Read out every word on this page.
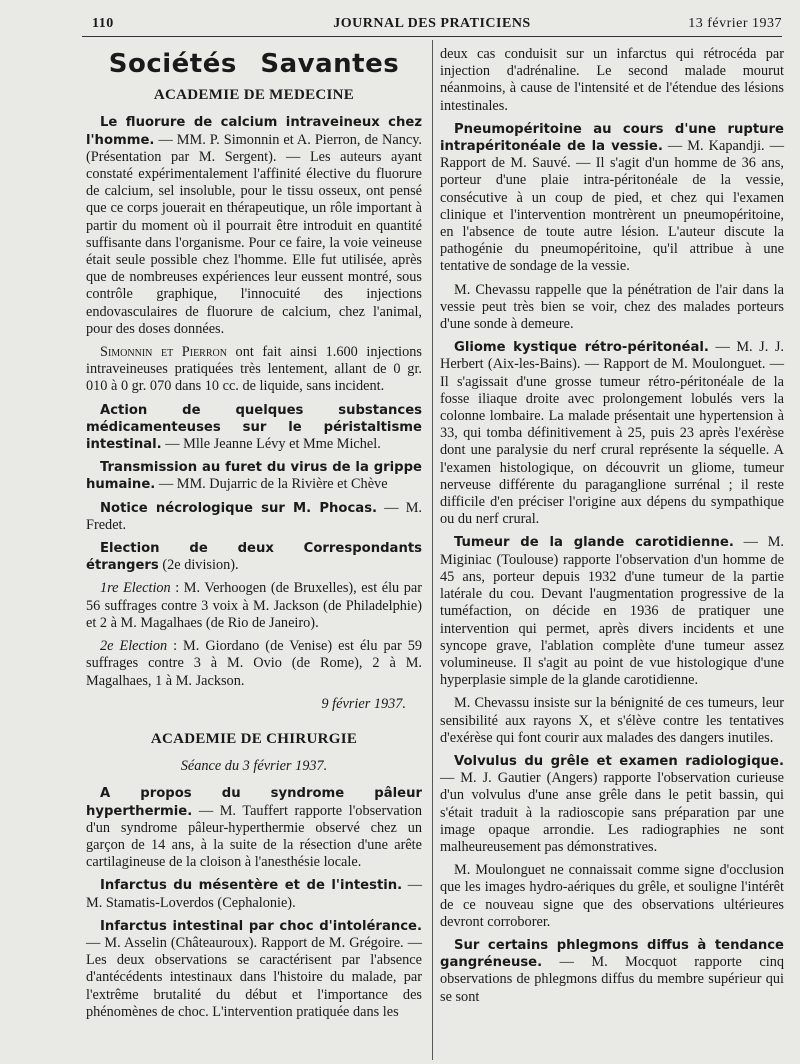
110	JOURNAL DES PRATICIENS	13 février 1937
Sociétés Savantes
ACADEMIE DE MEDECINE

Le fluorure de calcium intraveineux chez l'homme. — MM. P. Simonnin et A. Pierron, de Nancy. (Présentation par M. Sergent). — Les auteurs ayant constaté expérimentalement l'affinité élective du fluorure de calcium, sel insoluble, pour le tissu osseux, ont pensé que ce corps jouerait en thérapeutique, un rôle important à partir du moment où il pourrait être introduit en quantité suffisante dans l'organisme. Pour ce faire, la voie veineuse était seule possible chez l'homme. Elle fut utilisée, après que de nombreuses expériences leur eussent montré, sous contrôle graphique, l'innocuité des injections endovasculaires de fluorure de calcium, chez l'animal, pour des doses données.

Simonnin et Pierron ont fait ainsi 1.600 injections intraveineuses pratiquées très lentement, allant de 0 gr. 010 à 0 gr. 070 dans 10 cc. de liquide, sans incident.

Action de quelques substances médicamenteuses sur le péristaltisme intestinal. — Mlle Jeanne Lévy et Mme Michel.

Transmission au furet du virus de la grippe humaine. — MM. Dujarric de la Rivière et Chève

Notice nécrologique sur M. Phocas. — M. Fredet.

Election de deux Correspondants étrangers (2e division).

1re Election : M. Verhoogen (de Bruxelles), est élu par 56 suffrages contre 3 voix à M. Jackson (de Philadelphie) et 2 à M. Magalhaes (de Rio de Janeiro).

2e Election : M. Giordano (de Venise) est élu par 59 suffrages contre 3 à M. Ovio (de Rome), 2 à M. Magalhaes, 1 à M. Jackson.

9 février 1937.
ACADEMIE DE CHIRURGIE
Séance du 3 février 1937.

A propos du syndrome pâleur hyperthermie. — M. Tauffert rapporte l'observation d'un syndrome pâleur-hyperthermie observé chez un garçon de 14 ans, à la suite de la résection d'une arête cartilagineuse de la cloison à l'anesthésie locale.

Infarctus du mésentère et de l'intestin. — M. Stamatis-Loverdos (Cephalonie).

Infarctus intestinal par choc d'intolérance. — M. Asselin (Châteauroux). Rapport de M. Grégoire. — Les deux observations se caractérisent par l'absence d'antécédents intestinaux dans l'histoire du malade, par l'extrême brutalité du début et l'importance des phénomènes de choc. L'intervention pratiquée dans les

deux cas conduisit sur un infarctus qui rétrocéda par injection d'adrénaline. Le second malade mourut néanmoins, à cause de l'intensité et de l'étendue des lésions intestinales.

Pneumopéritoine au cours d'une rupture intrapéritonéale de la vessie. — M. Kapandji. — Rapport de M. Sauvé. — Il s'agit d'un homme de 36 ans, porteur d'une plaie intra-péritonéale de la vessie, consécutive à un coup de pied, et chez qui l'examen clinique et l'intervention montrèrent un pneumopéritoine, en l'absence de toute autre lésion. L'auteur discute la pathogénie du pneumopéritoine, qu'il attribue à une tentative de sondage de la vessie.

M. Chevassu rappelle que la pénétration de l'air dans la vessie peut très bien se voir, chez des malades porteurs d'une sonde à demeure.

Gliome kystique rétro-péritonéal. — M. J. J. Herbert (Aix-les-Bains). — Rapport de M. Moulonguet. — Il s'agissait d'une grosse tumeur rétro-péritonéale de la fosse iliaque droite avec prolongement lobulés vers la colonne lombaire. La malade présentait une hypertension à 33, qui tomba définitivement à 25, puis 23 après l'exérèse dont une paralysie du nerf crural représente la séquelle. A l'examen histologique, on découvrit un gliome, tumeur nerveuse différente du paraganglione surrénal ; il reste difficile d'en préciser l'origine aux dépens du sympathique ou du nerf crural.

Tumeur de la glande carotidienne. — M. Miginiac (Toulouse) rapporte l'observation d'un homme de 45 ans, porteur depuis 1932 d'une tumeur de la partie latérale du cou. Devant l'augmentation progressive de la tuméfaction, on décide en 1936 de pratiquer une intervention qui permet, après divers incidents et une syncope grave, l'ablation complète d'une tumeur assez volumineuse. Il s'agit au point de vue histologique d'une hyperplasie simple de la glande carotidienne.

M. Chevassu insiste sur la bénignité de ces tumeurs, leur sensibilité aux rayons X, et s'élève contre les tentatives d'exérèse qui font courir aux malades des dangers inutiles.

Volvulus du grêle et examen radiologique. — M. J. Gautier (Angers) rapporte l'observation curieuse d'un volvulus d'une anse grêle dans le petit bassin, qui s'était traduit à la radioscopie sans préparation par une image opaque arrondie. Les radiographies ne sont malheureusement pas démonstratives.

M. Moulonguet ne connaissait comme signe d'occlusion que les images hydro-aériques du grêle, et souligne l'intérêt de ce nouveau signe que des observations ultérieures devront corroborer.

Sur certains phlegmons diffus à tendance gangréneuse. — M. Mocquot rapporte cinq observations de phlegmons diffus du membre supérieur qui se sont
